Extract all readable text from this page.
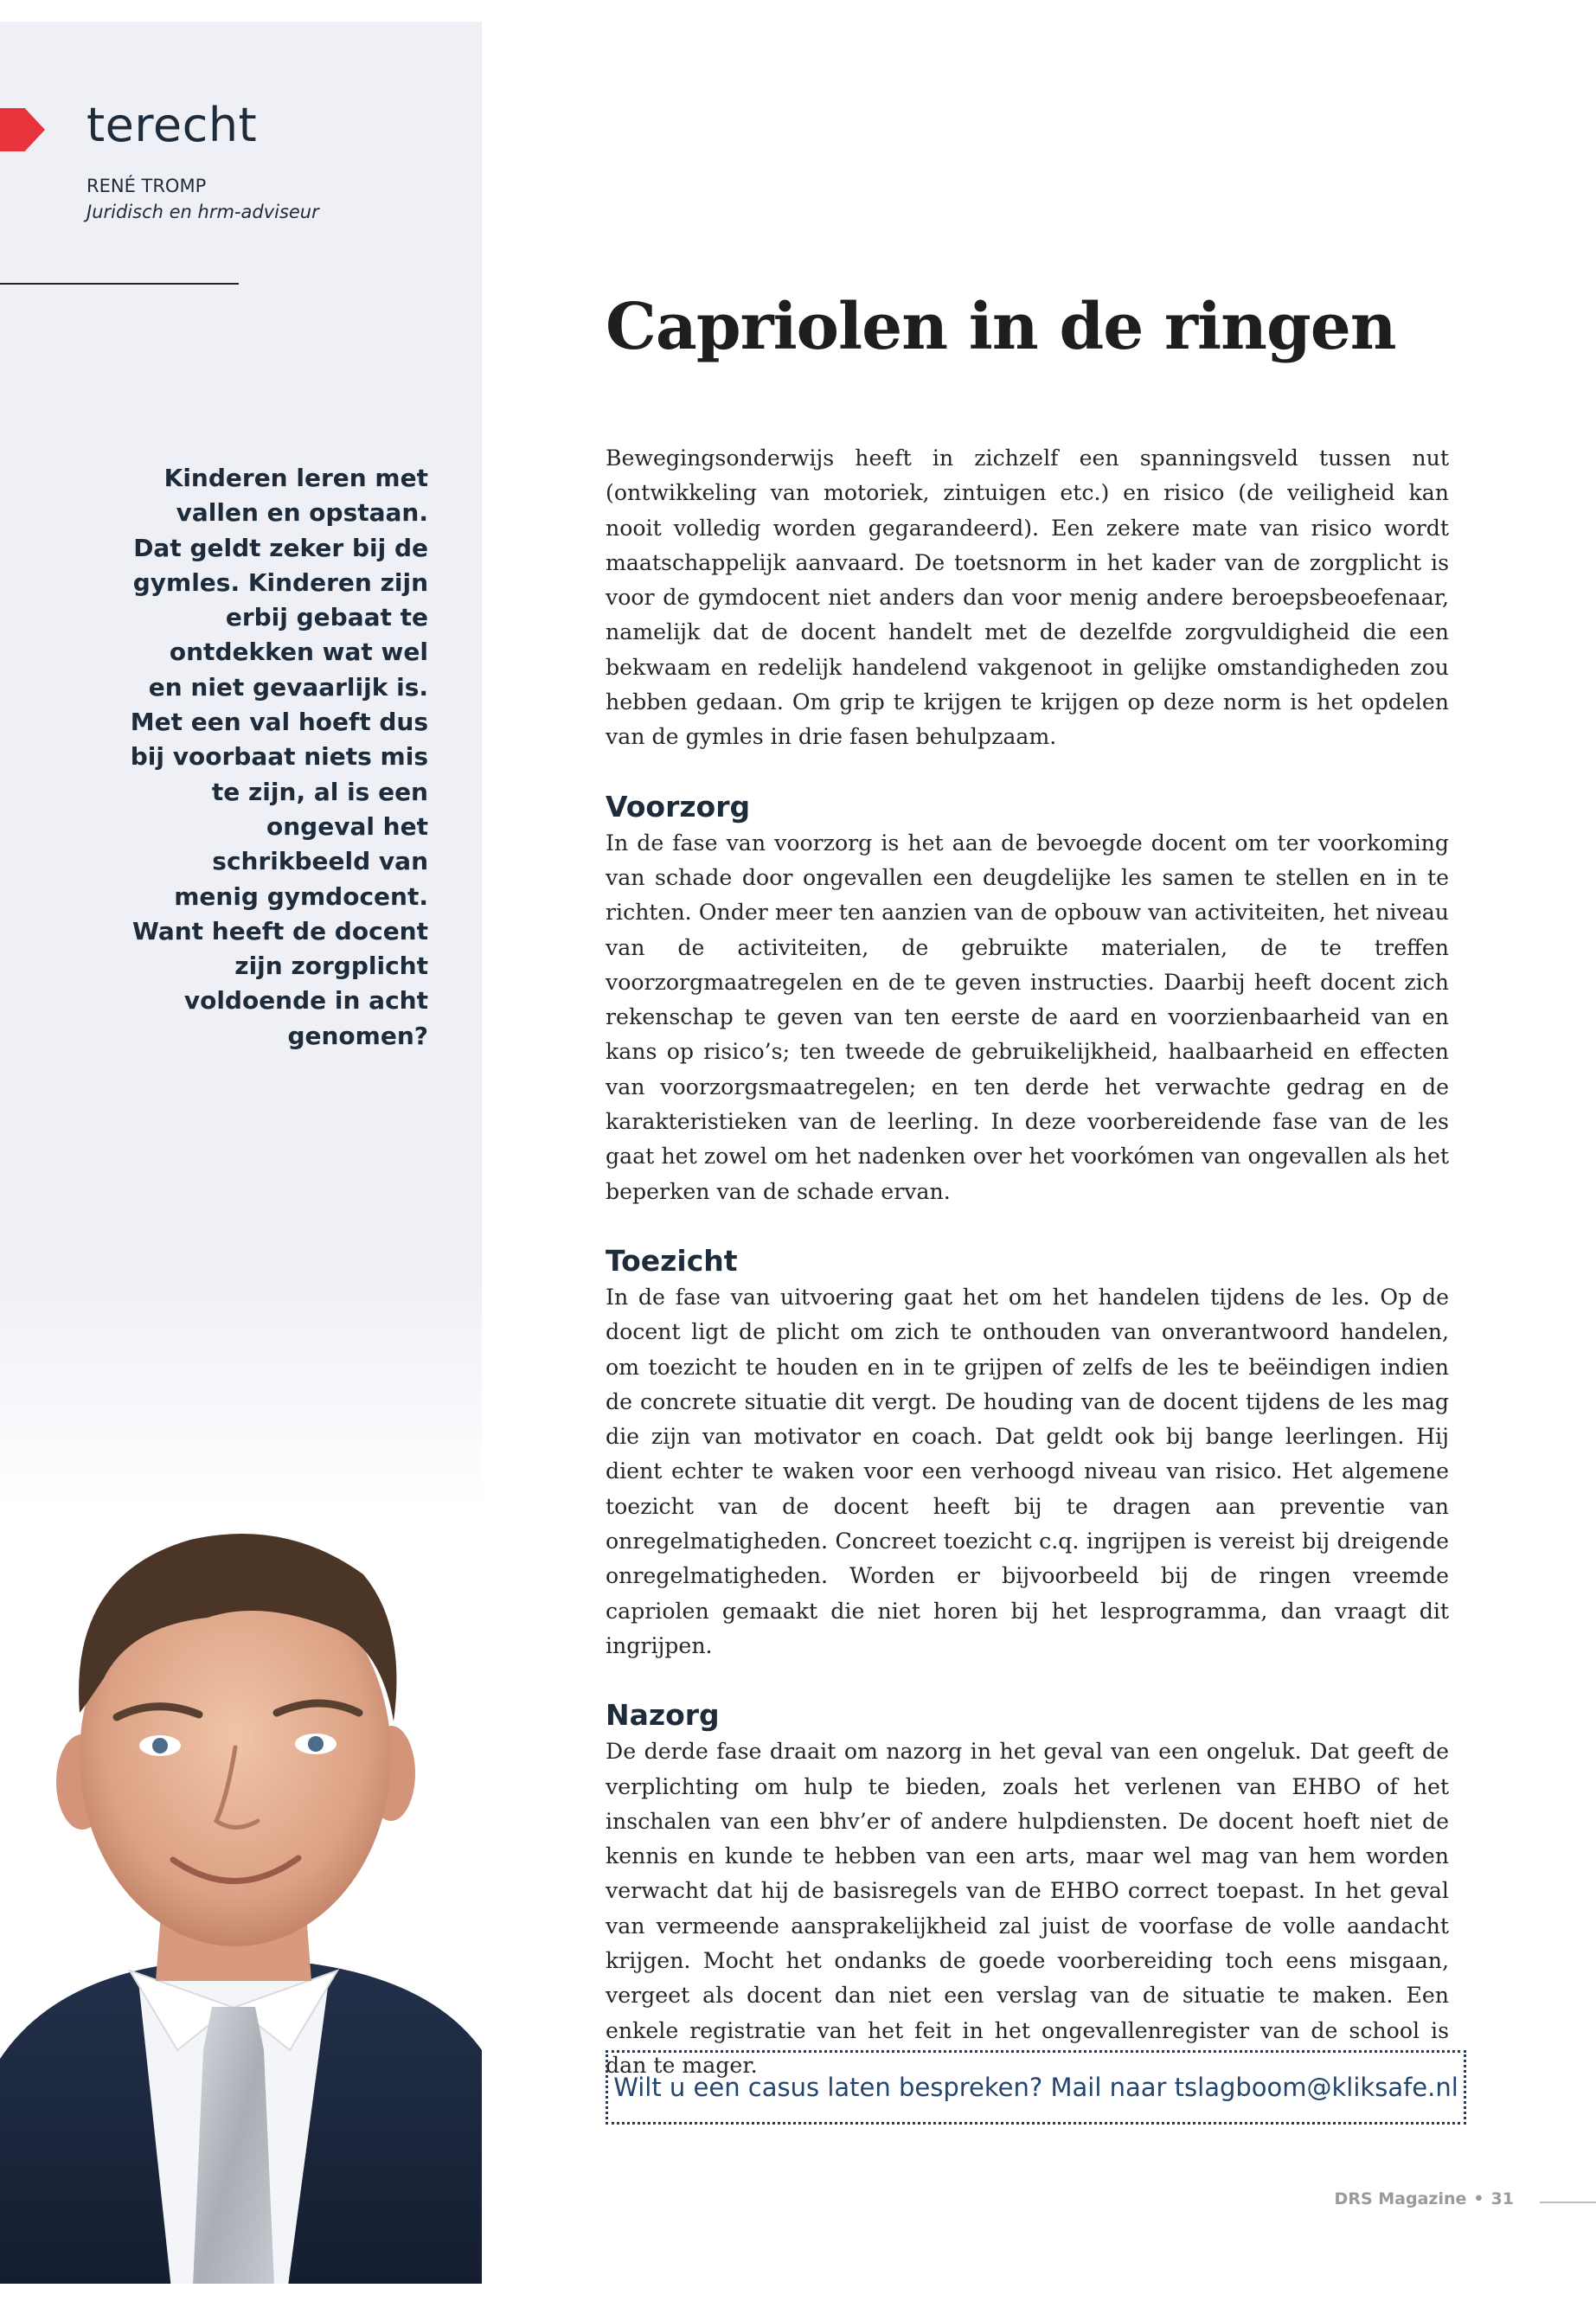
terecht
RENÉ TROMP
Juridisch en hrm-adviseur
Kinderen leren met vallen en opstaan. Dat geldt zeker bij de gymles. Kinderen zijn erbij gebaat te ontdekken wat wel en niet gevaarlijk is. Met een val hoeft dus bij voorbaat niets mis te zijn, al is een ongeval het schrikbeeld van menig gymdocent. Want heeft de docent zijn zorgplicht voldoende in acht genomen?
Capriolen in de ringen

Bewegingsonderwijs heeft in zichzelf een spanningsveld tussen nut (ontwikkeling van motoriek, zintuigen etc.) en risico (de veiligheid kan nooit volledig worden gegarandeerd). Een zekere mate van risico wordt maatschappelijk aanvaard. De toetsnorm in het kader van de zorgplicht is voor de gymdocent niet anders dan voor menig andere beroepsbeoefenaar, namelijk dat de docent handelt met de dezelfde zorgvuldigheid die een bekwaam en redelijk handelend vakgenoot in gelijke omstandigheden zou hebben gedaan. Om grip te krijgen te krijgen op deze norm is het opdelen van de gymles in drie fasen behulpzaam.

Voorzorg

In de fase van voorzorg is het aan de bevoegde docent om ter voorkoming van schade door ongevallen een deugdelijke les samen te stellen en in te richten. Onder meer ten aanzien van de opbouw van activiteiten, het niveau van de activiteiten, de gebruikte materialen, de te treffen voorzorgmaatregelen en de te geven instructies. Daarbij heeft docent zich rekenschap te geven van ten eerste de aard en voorzienbaarheid van en kans op risico’s; ten tweede de gebruikelijkheid, haalbaarheid en effecten van voorzorgsmaatregelen; en ten derde het verwachte gedrag en de karakteristieken van de leerling. In deze voorbereidende fase van de les gaat het zowel om het nadenken over het voorkómen van ongevallen als het beperken van de schade ervan.

Toezicht

In de fase van uitvoering gaat het om het handelen tijdens de les. Op de docent ligt de plicht om zich te onthouden van onverantwoord handelen, om toezicht te houden en in te grijpen of zelfs de les te beëindigen indien de concrete situatie dit vergt. De houding van de docent tijdens de les mag die zijn van motivator en coach. Dat geldt ook bij bange leerlingen. Hij dient echter te waken voor een verhoogd niveau van risico. Het algemene toezicht van de docent heeft bij te dragen aan preventie van onregelmatigheden. Concreet toezicht c.q. ingrijpen is vereist bij dreigende onregelmatigheden. Worden er bijvoorbeeld bij de ringen vreemde capriolen gemaakt die niet horen bij het lesprogramma, dan vraagt dit ingrijpen.

Nazorg

De derde fase draait om nazorg in het geval van een ongeluk. Dat geeft de verplichting om hulp te bieden, zoals het verlenen van EHBO of het inschalen van een bhv’er of andere hulpdiensten. De docent hoeft niet de kennis en kunde te hebben van een arts, maar wel mag van hem worden verwacht dat hij de basisregels van de EHBO correct toepast. In het geval van vermeende aansprakelijkheid zal juist de voorfase de volle aandacht krijgen. Mocht het ondanks de goede voorbereiding toch eens misgaan, vergeet als docent dan niet een verslag van de situatie te maken. Een enkele registratie van het feit in het ongevallenregister van de school is dan te mager.

Wilt u een casus laten bespreken? Mail naar tslagboom@kliksafe.nl
DRS Magazine • 31
